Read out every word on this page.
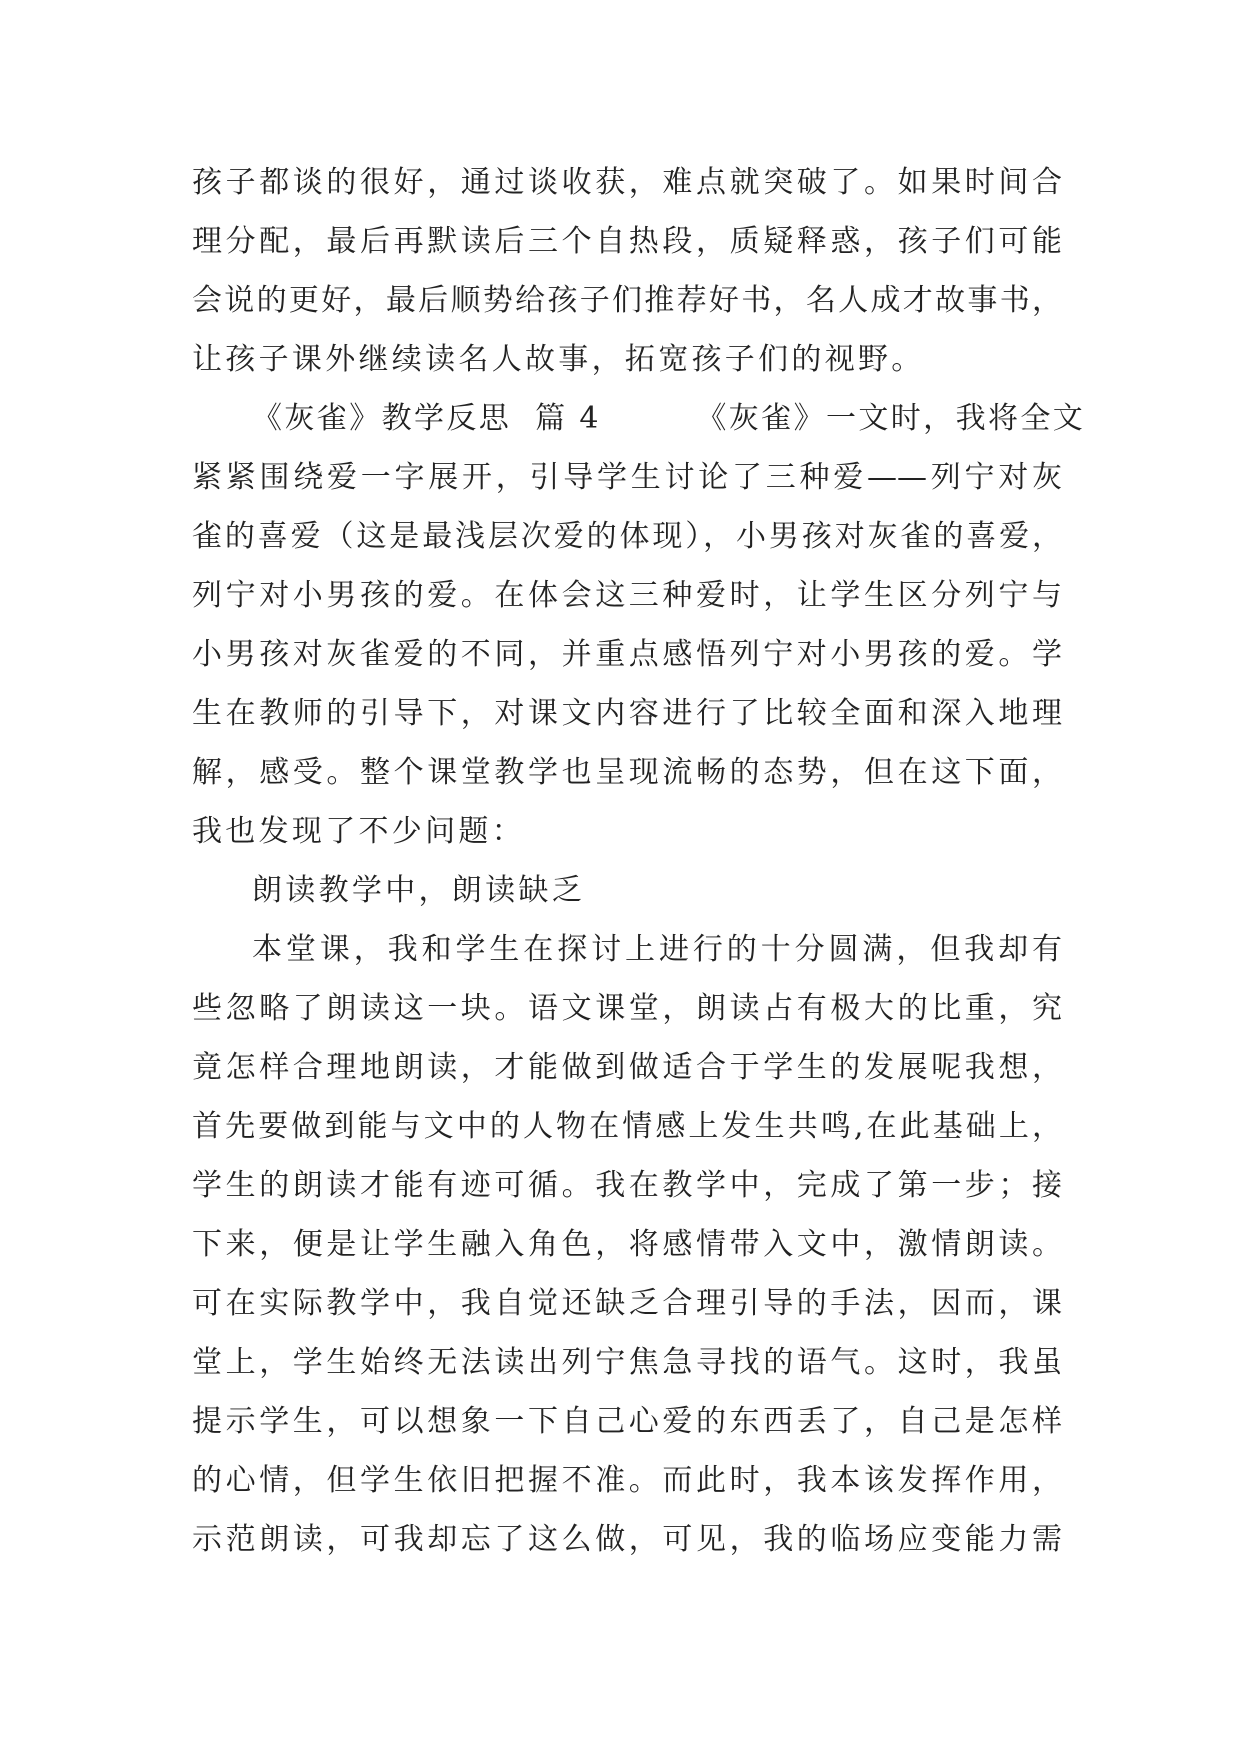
孩子都谈的很好，通过谈收获，难点就突破了。如果时间合
理分配，最后再默读后三个自热段，质疑释惑，孩子们可能
会说的更好，最后顺势给孩子们推荐好书，名人成才故事书，
让孩子课外继续读名人故事，拓宽孩子们的视野。
《灰雀》教学反思  篇 4        《灰雀》一文时，我将全文
紧紧围绕爱一字展开，引导学生讨论了三种爱——列宁对灰
雀的喜爱（这是最浅层次爱的体现），小男孩对灰雀的喜爱，
列宁对小男孩的爱。在体会这三种爱时，让学生区分列宁与
小男孩对灰雀爱的不同，并重点感悟列宁对小男孩的爱。学
生在教师的引导下，对课文内容进行了比较全面和深入地理
解，感受。整个课堂教学也呈现流畅的态势，但在这下面，
我也发现了不少问题：
朗读教学中，朗读缺乏
本堂课，我和学生在探讨上进行的十分圆满，但我却有
些忽略了朗读这一块。语文课堂，朗读占有极大的比重，究
竟怎样合理地朗读，才能做到做适合于学生的发展呢我想，
首先要做到能与文中的人物在情感上发生共鸣,在此基础上，
学生的朗读才能有迹可循。我在教学中，完成了第一步；接
下来，便是让学生融入角色，将感情带入文中，激情朗读。
可在实际教学中，我自觉还缺乏合理引导的手法，因而，课
堂上，学生始终无法读出列宁焦急寻找的语气。这时，我虽
提示学生，可以想象一下自己心爱的东西丢了，自己是怎样
的心情，但学生依旧把握不准。而此时，我本该发挥作用，
示范朗读，可我却忘了这么做，可见，我的临场应变能力需
